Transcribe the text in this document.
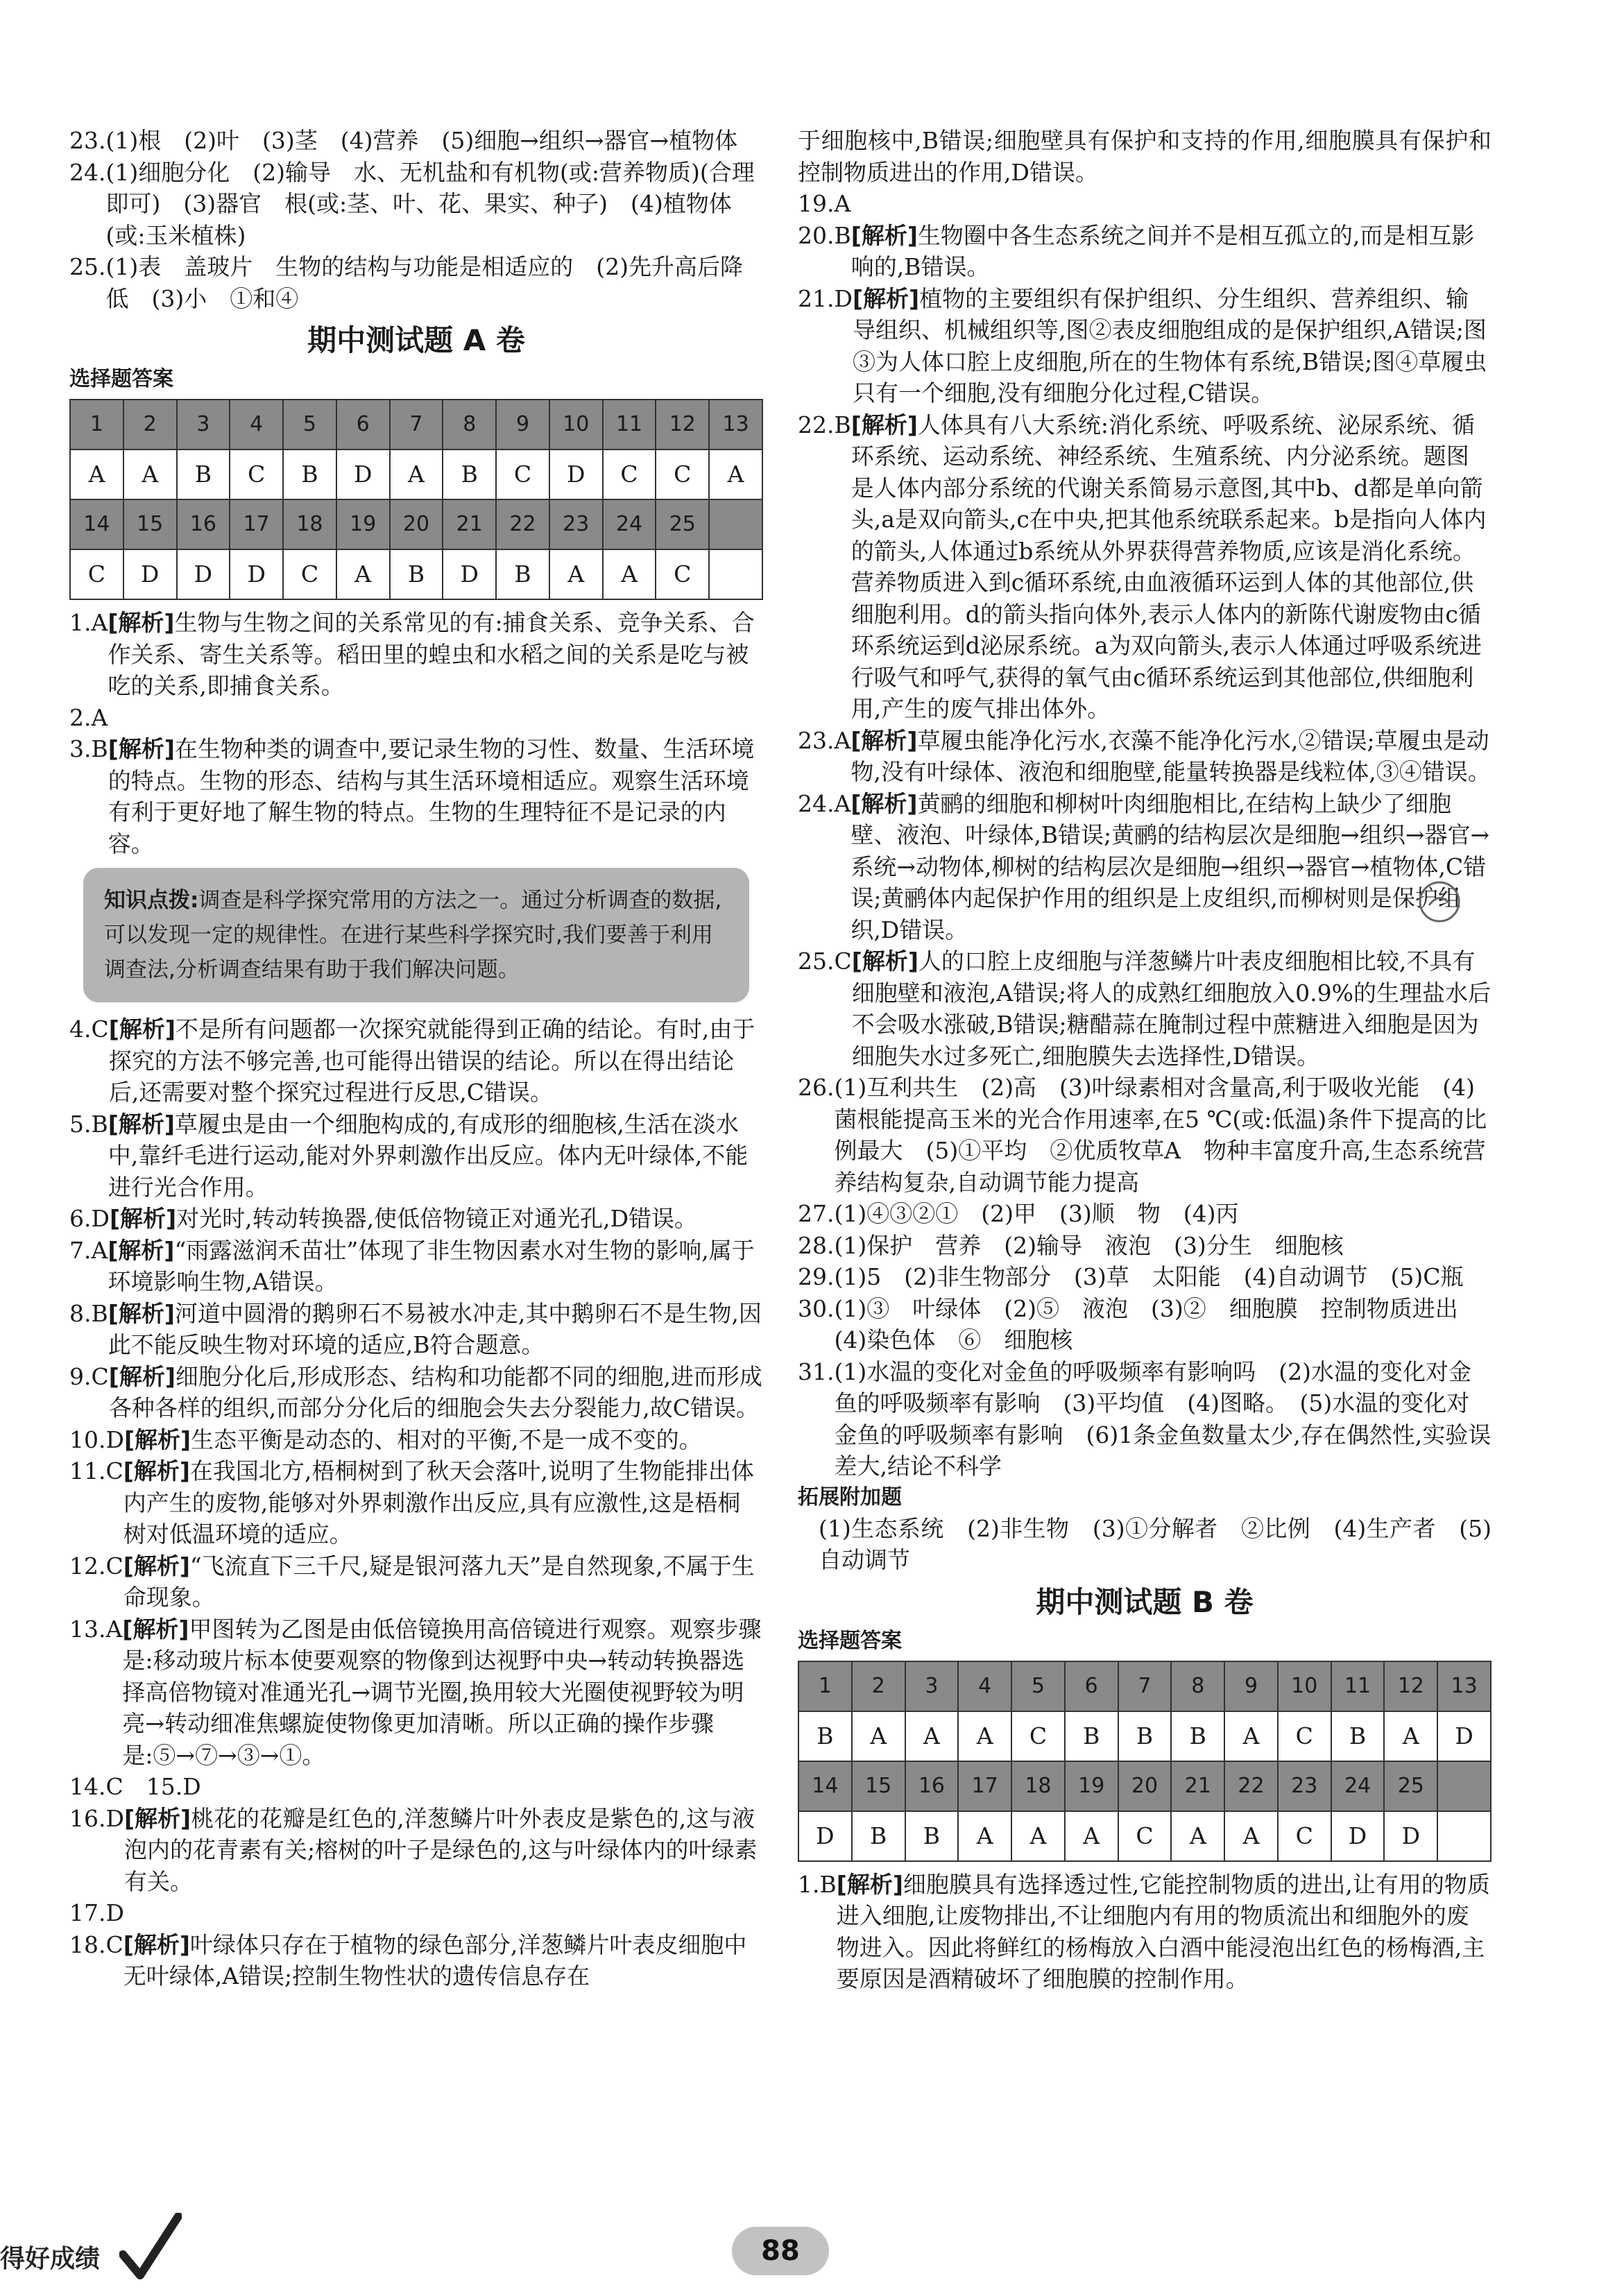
23. (1)根　(2)叶　(3)茎　(4)营养　(5)细胞→组织→器官→植物体
24. (1)细胞分化　(2)输导　水、无机盐和有机物(或:营养物质)(合理即可)　(3)器官　根(或:茎、叶、花、果实、种子)　(4)植物体(或:玉米植株)
25. (1)表　盖玻片　生物的结构与功能是相适应的　(2)先升高后降低　(3)小　①和④
期中测试题 A 卷
选择题答案
1	2	3	4	5	6	7	8	9	10	11	12	13
A	A	B	C	B	D	A	B	C	D	C	C	A
14	15	16	17	18	19	20	21	22	23	24	25	
C	D	D	D	C	A	B	D	B	A	A	C	
1.A [解析]生物与生物之间的关系常见的有:捕食关系、竞争关系、合作关系、寄生关系等。稻田里的蝗虫和水稻之间的关系是吃与被吃的关系,即捕食关系。
2.A
3.B [解析]在生物种类的调查中,要记录生物的习性、数量、生活环境的特点。生物的形态、结构与其生活环境相适应。观察生活环境有利于更好地了解生物的特点。生物的生理特征不是记录的内容。
知识点拨:调查是科学探究常用的方法之一。通过分析调查的数据,可以发现一定的规律性。在进行某些科学探究时,我们要善于利用调查法,分析调查结果有助于我们解决问题。
4.C [解析]不是所有问题都一次探究就能得到正确的结论。有时,由于探究的方法不够完善,也可能得出错误的结论。所以在得出结论后,还需要对整个探究过程进行反思,C错误。
5.B [解析]草履虫是由一个细胞构成的,有成形的细胞核,生活在淡水中,靠纤毛进行运动,能对外界刺激作出反应。体内无叶绿体,不能进行光合作用。
6.D [解析]对光时,转动转换器,使低倍物镜正对通光孔,D错误。
7.A [解析]“雨露滋润禾苗壮”体现了非生物因素水对生物的影响,属于环境影响生物,A错误。
8.B [解析]河道中圆滑的鹅卵石不易被水冲走,其中鹅卵石不是生物,因此不能反映生物对环境的适应,B符合题意。
9.C [解析]细胞分化后,形成形态、结构和功能都不同的细胞,进而形成各种各样的组织,而部分分化后的细胞会失去分裂能力,故C错误。
10.D [解析]生态平衡是动态的、相对的平衡,不是一成不变的。
11.C [解析]在我国北方,梧桐树到了秋天会落叶,说明了生物能排出体内产生的废物,能够对外界刺激作出反应,具有应激性,这是梧桐树对低温环境的适应。
12.C [解析]“飞流直下三千尺,疑是银河落九天”是自然现象,不属于生命现象。
13.A [解析]甲图转为乙图是由低倍镜换用高倍镜进行观察。观察步骤是:移动玻片标本使要观察的物像到达视野中央→转动转换器选择高倍物镜对准通光孔→调节光圈,换用较大光圈使视野较为明亮→转动细准焦螺旋使物像更加清晰。所以正确的操作步骤是:⑤→⑦→③→①。
14.C　15.D
16.D [解析]桃花的花瓣是红色的,洋葱鳞片叶外表皮是紫色的,这与液泡内的花青素有关;榕树的叶子是绿色的,这与叶绿体内的叶绿素有关。
17.D
18.C [解析]叶绿体只存在于植物的绿色部分,洋葱鳞片叶表皮细胞中无叶绿体,A错误;控制生物性状的遗传信息存在

于细胞核中,B错误;细胞壁具有保护和支持的作用,细胞膜具有保护和控制物质进出的作用,D错误。

19.A
20.B [解析]生物圈中各生态系统之间并不是相互孤立的,而是相互影响的,B错误。
21.D [解析]植物的主要组织有保护组织、分生组织、营养组织、输导组织、机械组织等,图②表皮细胞组成的是保护组织,A错误;图③为人体口腔上皮细胞,所在的生物体有系统,B错误;图④草履虫只有一个细胞,没有细胞分化过程,C错误。
22.B [解析]人体具有八大系统:消化系统、呼吸系统、泌尿系统、循环系统、运动系统、神经系统、生殖系统、内分泌系统。题图是人体内部分系统的代谢关系简易示意图,其中b、d都是单向箭头,a是双向箭头,c在中央,把其他系统联系起来。b是指向人体内的箭头,人体通过b系统从外界获得营养物质,应该是消化系统。营养物质进入到c循环系统,由血液循环运到人体的其他部位,供细胞利用。d的箭头指向体外,表示人体内的新陈代谢废物由c循环系统运到d泌尿系统。a为双向箭头,表示人体通过呼吸系统进行吸气和呼气,获得的氧气由c循环系统运到其他部位,供细胞利用,产生的废气排出体外。
23.A [解析]草履虫能净化污水,衣藻不能净化污水,②错误;草履虫是动物,没有叶绿体、液泡和细胞壁,能量转换器是线粒体,③④错误。
24.A [解析]黄鹂的细胞和柳树叶肉细胞相比,在结构上缺少了细胞壁、液泡、叶绿体,B错误;黄鹂的结构层次是细胞→组织→器官→系统→动物体,柳树的结构层次是细胞→组织→器官→植物体,C错误;黄鹂体内起保护作用的组织是上皮组织,而柳树则是保护组织,D错误。
25.C [解析]人的口腔上皮细胞与洋葱鳞片叶表皮细胞相比较,不具有细胞壁和液泡,A错误;将人的成熟红细胞放入0.9%的生理盐水后不会吸水涨破,B错误;糖醋蒜在腌制过程中蔗糖进入细胞是因为细胞失水过多死亡,细胞膜失去选择性,D错误。
26. (1)互利共生　(2)高　(3)叶绿素相对含量高,利于吸收光能　(4)菌根能提高玉米的光合作用速率,在5 ℃(或:低温)条件下提高的比例最大　(5)①平均　②优质牧草A　物种丰富度升高,生态系统营养结构复杂,自动调节能力提高
27. (1)④③②①　(2)甲　(3)顺　物　(4)丙
28. (1)保护　营养　(2)输导　液泡　(3)分生　细胞核
29. (1)5　(2)非生物部分　(3)草　太阳能　(4)自动调节　(5)C瓶
30. (1)③　叶绿体　(2)⑤　液泡　(3)②　细胞膜　控制物质进出　(4)染色体　⑥　细胞核
31. (1)水温的变化对金鱼的呼吸频率有影响吗　(2)水温的变化对金鱼的呼吸频率有影响　(3)平均值　(4)图略。　(5)水温的变化对金鱼的呼吸频率有影响　(6)1条金鱼数量太少,存在偶然性,实验误差大,结论不科学
拓展附加题

(1)生态系统　(2)非生物　(3)①分解者　②比例　(4)生产者　(5)自动调节

期中测试题 B 卷
选择题答案
1	2	3	4	5	6	7	8	9	10	11	12	13
B	A	A	A	C	B	B	B	A	C	B	A	D
14	15	16	17	18	19	20	21	22	23	24	25	
D	B	B	A	A	A	C	A	A	C	D	D	
1.B [解析]细胞膜具有选择透过性,它能控制物质的进出,让有用的物质进入细胞,让废物排出,不让细胞内有用的物质流出和细胞外的废物进入。因此将鲜红的杨梅放入白酒中能浸泡出红色的杨梅酒,主要原因是酒精破坏了细胞膜的控制作用。
得好成绩	88
